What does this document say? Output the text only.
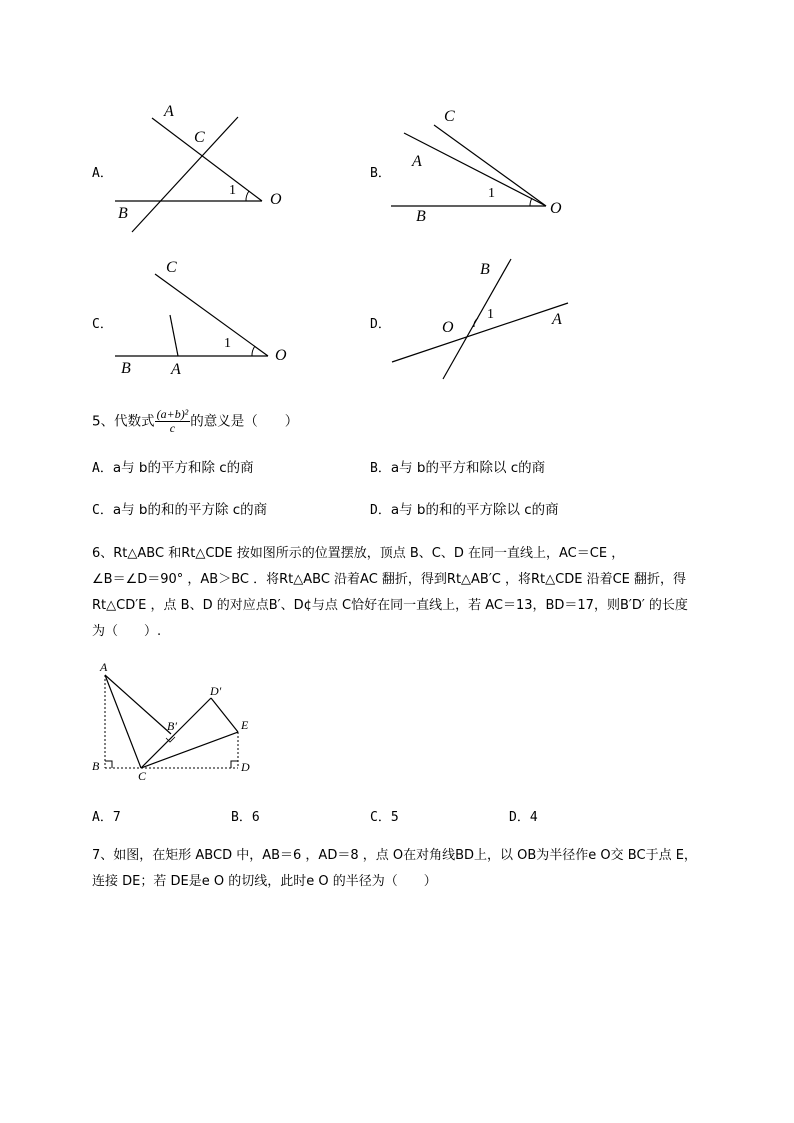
A．
A
C
B
O
1
B．
C
A
B	O
1
C．
C
B	A
O
1
D．
B
O	A
1
5、代数式 $\frac{\text{(a+b)²}}{c}$ 的意义是（　　）
A．a与 b的平方和除 c的商	B．a与 b的平方和除以 c的商
C．a与 b的和的平方除 c的商	D．a与 b的和的平方除以 c的商
6、Rt△ABC 和Rt△CDE 按如图所示的位置摆放，顶点 B、C、D 在同一直线上，AC＝CE ，
∠B＝∠D＝90° ，AB＞BC ．将Rt△ABC 沿着AC 翻折，得到Rt△AB′C ，将Rt△CDE 沿着CE 翻折，得
Rt△CD′E ，点 B、D 的对应点B′、D¢与点 C恰好在同一直线上，若 AC＝13，BD＝17，则B′D′ 的长度
为（　　）.
A
B
C
D
E
B′
D′
A．7	B．6	C．5	D．4
7、如图，在矩形 ABCD 中，AB＝6 ，AD＝8 ，点 O在对角线BD上，以 OB为半径作e O交 BC于点 E，
连接 DE；若 DE是e O 的切线，此时e O 的半径为（　　）
